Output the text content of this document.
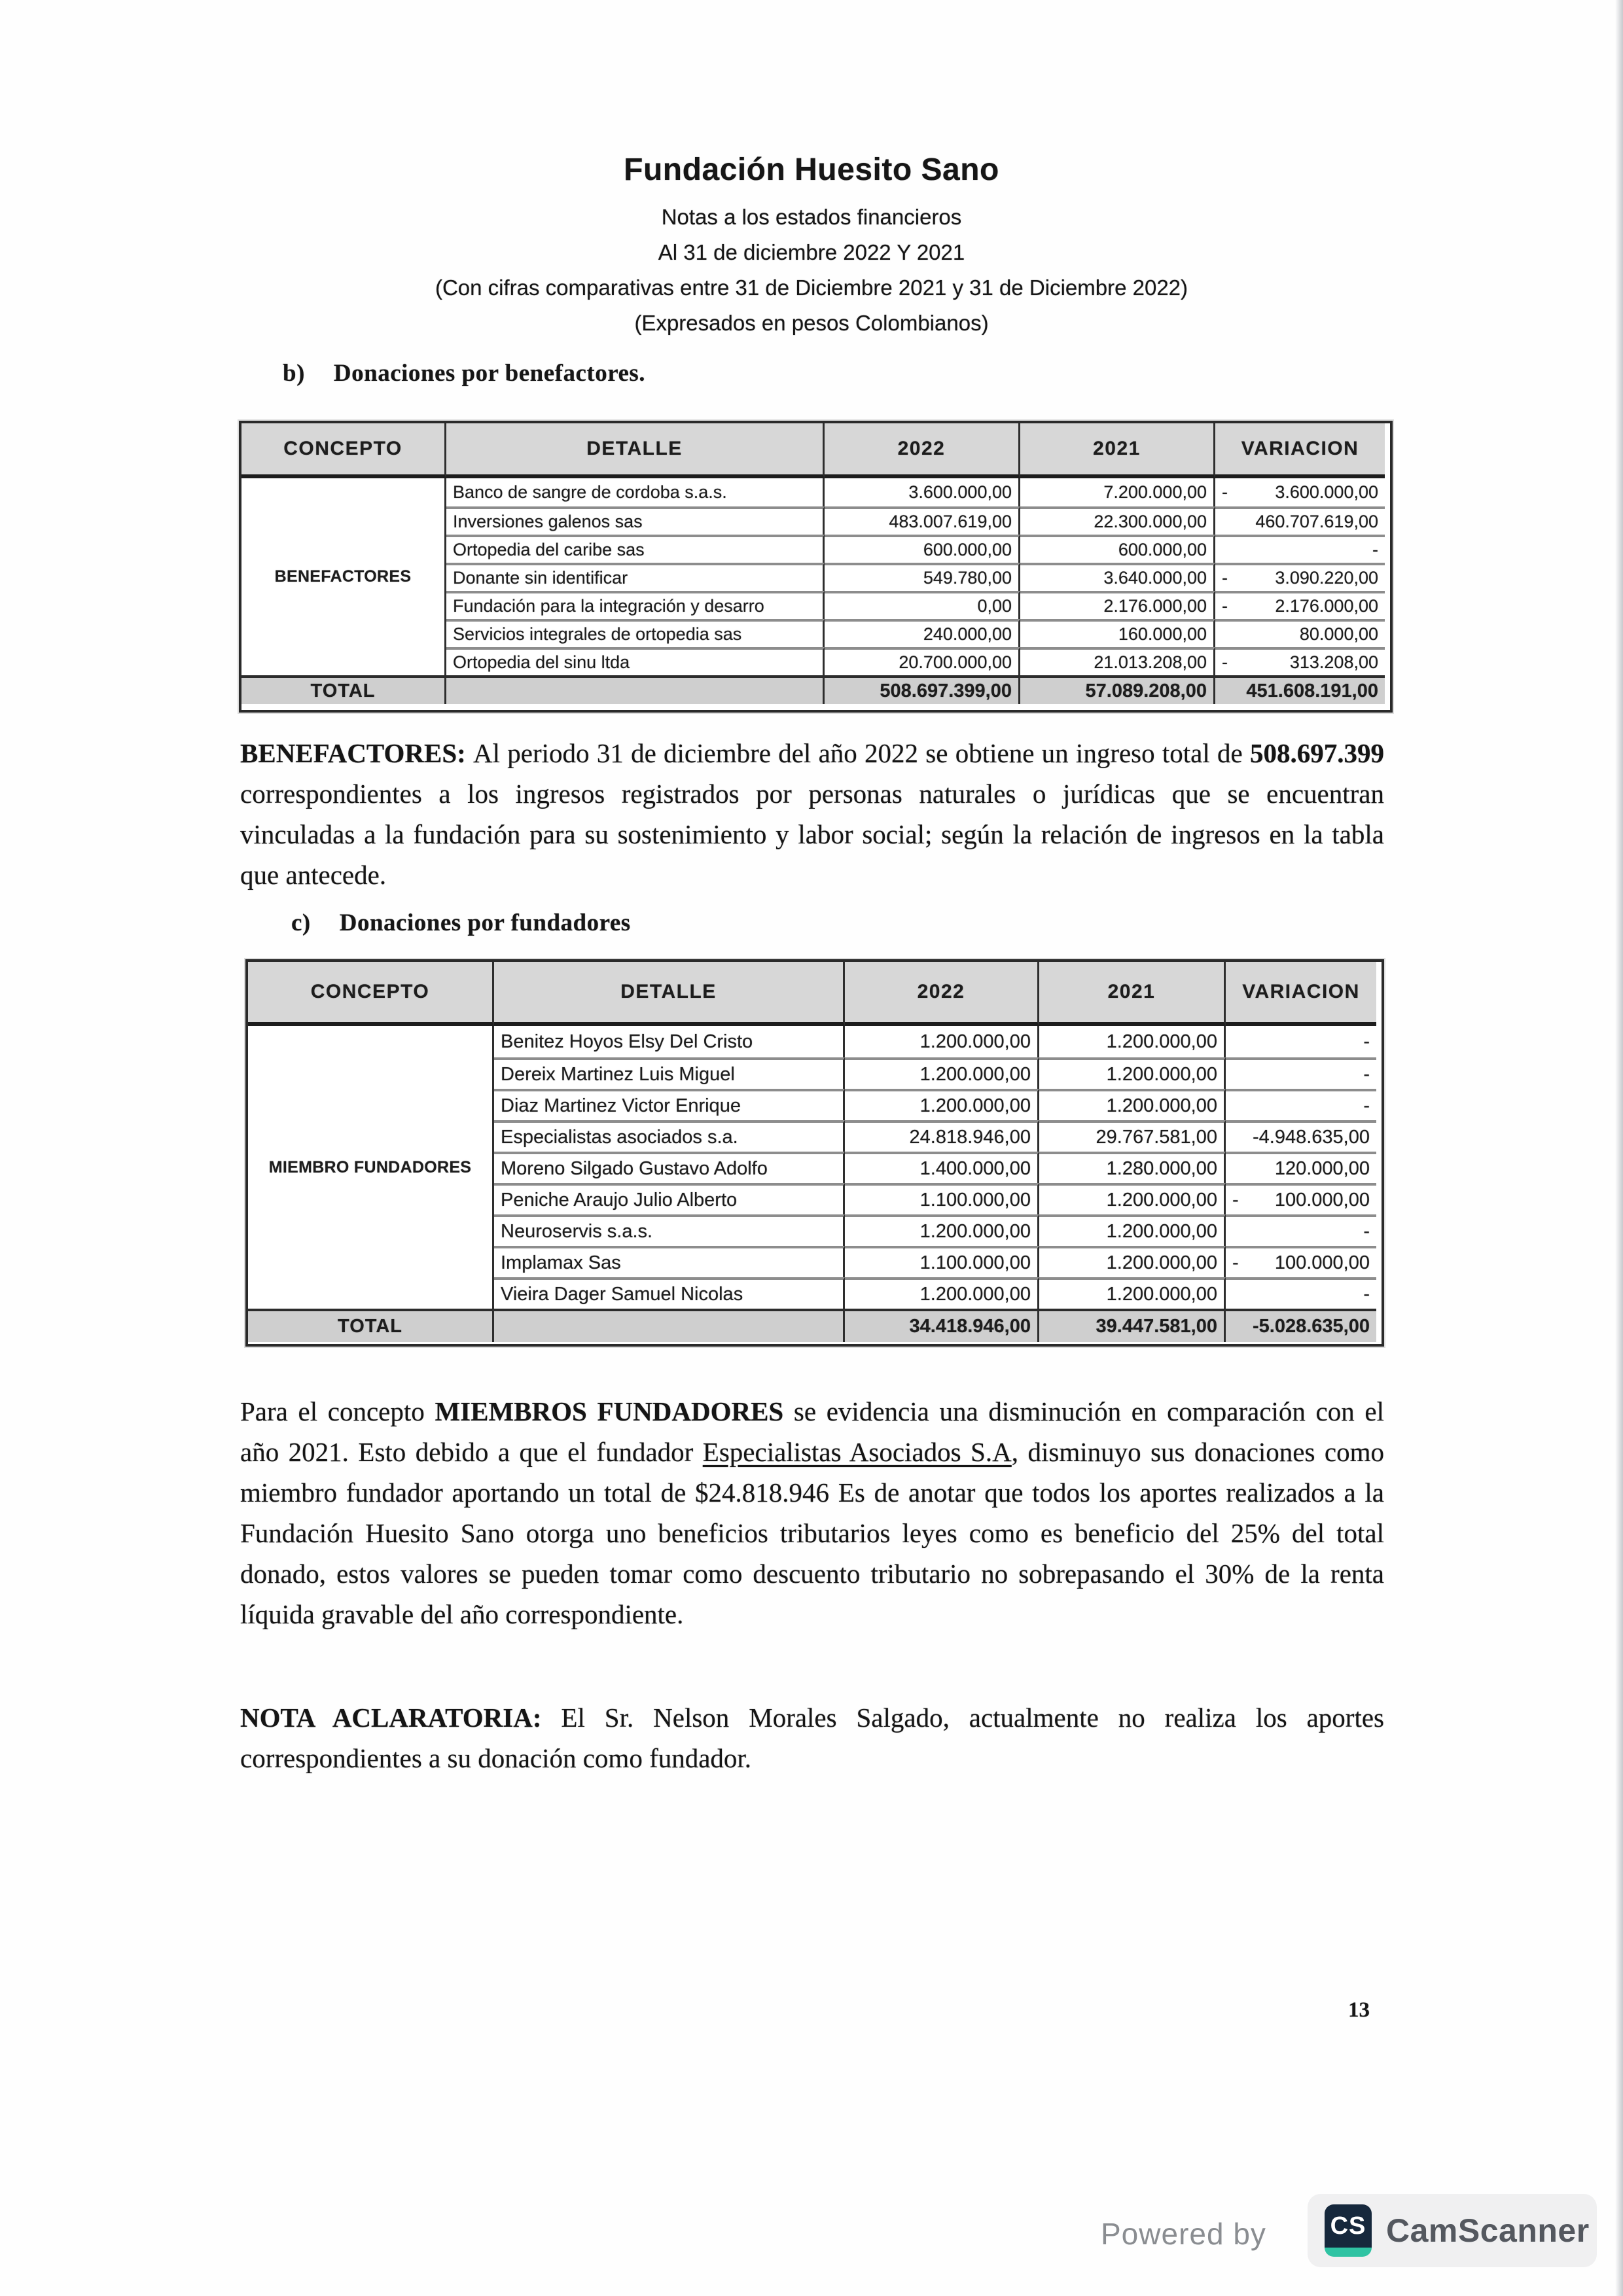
Fundación Huesito Sano
Notas a los estados financieros
Al 31 de diciembre 2022 Y 2021
(Con cifras comparativas entre 31 de Diciembre 2021 y 31 de Diciembre 2022)
(Expresados en pesos Colombianos)
b) Donaciones por benefactores.
CONCEPTO	DETALLE	2022	2021	VARIACION
BENEFACTORES
Banco de sangre de cordoba s.a.s.	3.600.000,00	7.200.000,00 -	3.600.000,00
Inversiones galenos sas	483.007.619,00	22.300.000,00	460.707.619,00
Ortopedia del caribe sas	600.000,00	600.000,00	-
Donante sin identificar	549.780,00	3.640.000,00 -	3.090.220,00
Fundación para la integración y desarro	0,00	2.176.000,00 -	2.176.000,00
Servicios integrales de ortopedia sas	240.000,00	160.000,00	80.000,00
Ortopedia del sinu ltda	20.700.000,00	21.013.208,00 -	313.208,00
TOTAL	508.697.399,00	57.089.208,00	451.608.191,00

BENEFACTORES: Al periodo 31 de diciembre del año 2022 se obtiene un ingreso total de 508.697.399 correspondientes a los ingresos registrados por personas naturales o jurídicas que se encuentran vinculadas a la fundación para su sostenimiento y labor social; según la relación de ingresos en la tabla que antecede.

c) Donaciones por fundadores
CONCEPTO	DETALLE	2022	2021	VARIACION
MIEMBRO FUNDADORES
Benitez Hoyos Elsy Del Cristo	1.200.000,00	1.200.000,00	-
Dereix Martinez Luis Miguel	1.200.000,00	1.200.000,00	-
Diaz Martinez Victor Enrique	1.200.000,00	1.200.000,00	-
Especialistas asociados s.a.	24.818.946,00	29.767.581,00	-4.948.635,00
Moreno Silgado Gustavo Adolfo	1.400.000,00	1.280.000,00	120.000,00
Peniche Araujo Julio Alberto	1.100.000,00	1.200.000,00 - 100.000,00
Neuroservis s.a.s.	1.200.000,00	1.200.000,00	-
Implamax Sas	1.100.000,00	1.200.000,00 - 100.000,00
Vieira Dager Samuel Nicolas	1.200.000,00	1.200.000,00	-
TOTAL	34.418.946,00	39.447.581,00	-5.028.635,00

Para el concepto MIEMBROS FUNDADORES se evidencia una disminución en comparación con el año 2021. Esto debido a que el fundador Especialistas Asociados S.A, disminuyo sus donaciones como miembro fundador aportando un total de $24.818.946 Es de anotar que todos los aportes realizados a la Fundación Huesito Sano otorga uno beneficios tributarios leyes como es beneficio del 25% del total donado, estos valores se pueden tomar como descuento tributario no sobrepasando el 30% de la renta líquida gravable del año correspondiente.

NOTA ACLARATORIA: El Sr. Nelson Morales Salgado, actualmente no realiza los aportes correspondientes a su donación como fundador.

13
Powered by	CS CamScanner
